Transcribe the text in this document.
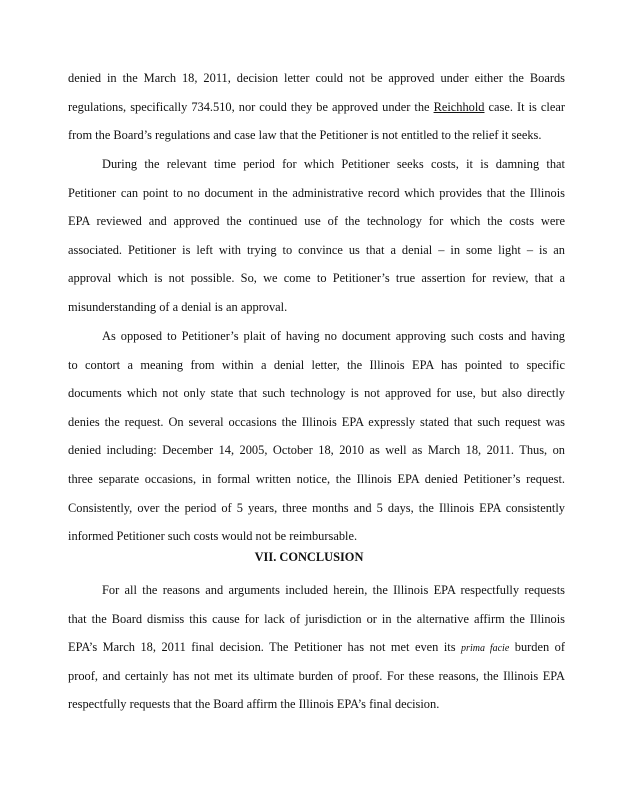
denied in the March 18, 2011, decision letter could not be approved under either the Boards
regulations, specifically 734.510, nor could they be approved under the Reichhold case. It is clear
from the Board’s regulations and case law that the Petitioner is not entitled to the relief it seeks.
During the relevant time period for which Petitioner seeks costs, it is damning that
Petitioner can point to no document in the administrative record which provides that the Illinois
EPA reviewed and approved the continued use of the technology for which the costs were
associated. Petitioner is left with trying to convince us that a denial – in some light – is an
approval which is not possible. So, we come to Petitioner’s true assertion for review, that a
misunderstanding of a denial is an approval.
As opposed to Petitioner’s plait of having no document approving such costs and having
to contort a meaning from within a denial letter, the Illinois EPA has pointed to specific
documents which not only state that such technology is not approved for use, but also directly
denies the request. On several occasions the Illinois EPA expressly stated that such request was
denied including: December 14, 2005, October 18, 2010 as well as March 18, 2011. Thus, on
three separate occasions, in formal written notice, the Illinois EPA denied Petitioner’s request.
Consistently, over the period of 5 years, three months and 5 days, the Illinois EPA consistently
informed Petitioner such costs would not be reimbursable.

VII. CONCLUSION

For all the reasons and arguments included herein, the Illinois EPA respectfully requests
that the Board dismiss this cause for lack of jurisdiction or in the alternative affirm the Illinois
EPA’s March 18, 2011 final decision. The Petitioner has not met even its prima facie burden of
proof, and certainly has not met its ultimate burden of proof. For these reasons, the Illinois EPA
respectfully requests that the Board affirm the Illinois EPA’s final decision.
